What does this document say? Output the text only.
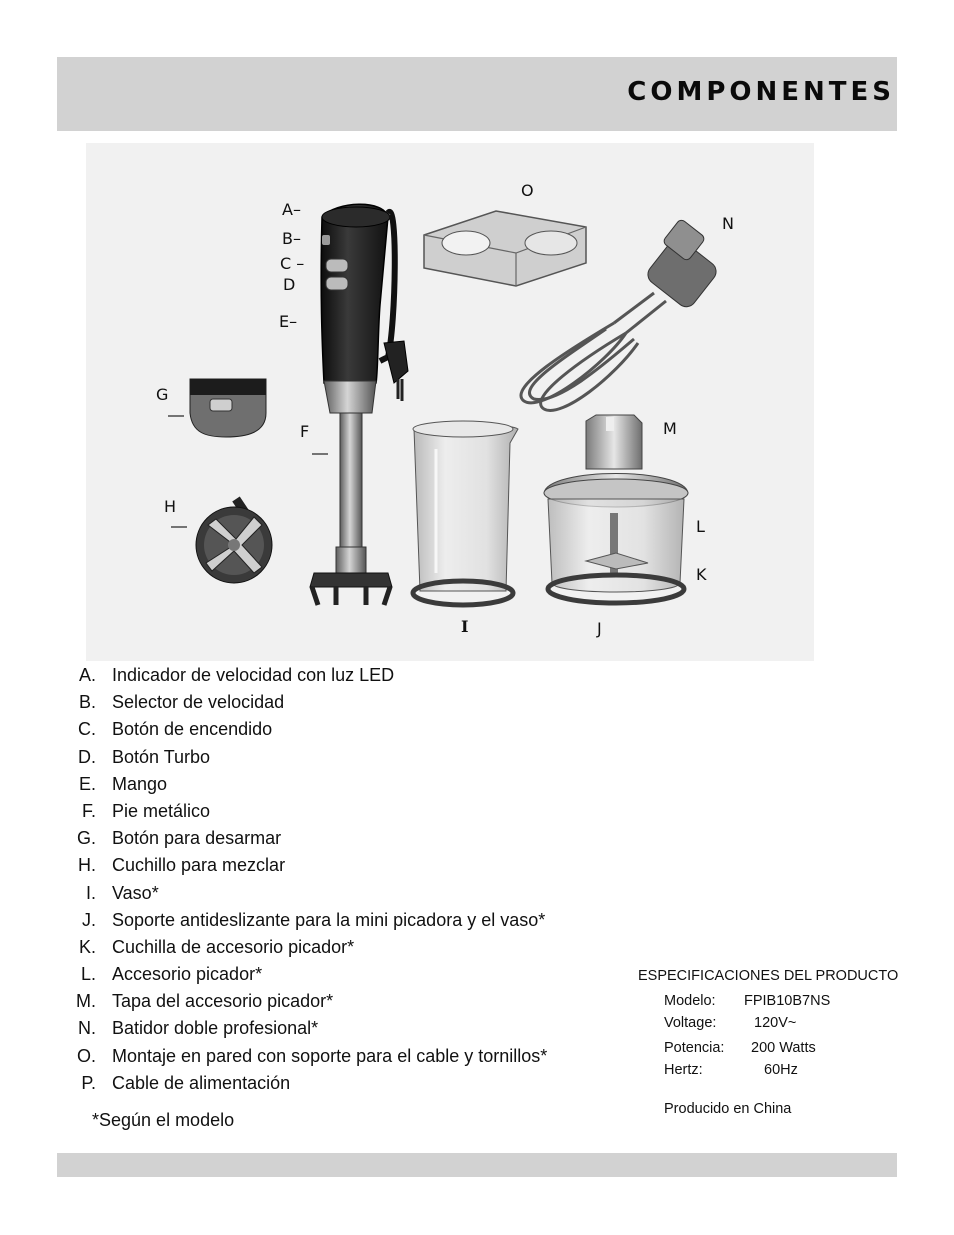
COMPONENTES
A–
B–
C –
D
E–
F
G
H
I	J
K
L
M
N
O
A. Indicador de velocidad con luz LED
B. Selector de velocidad
C. Botón de encendido
D. Botón Turbo
E. Mango
F. Pie metálico
G. Botón para desarmar
H. Cuchillo para mezclar
I. Vaso*
J. Soporte antideslizante para la mini picadora y el vaso*
K. Cuchilla de accesorio picador*
L. Accesorio picador*
M. Tapa del accesorio picador*
N. Batidor doble profesional*
O. Montaje en pared con soporte para el cable y tornillos*
P. Cable de alimentación
*Según el modelo
ESPECIFICACIONES DEL PRODUCTO
Modelo: FPIB10B7NS
Voltage:	120V~
Potencia: 200 Watts
Hertz:	60Hz
Producido en China
